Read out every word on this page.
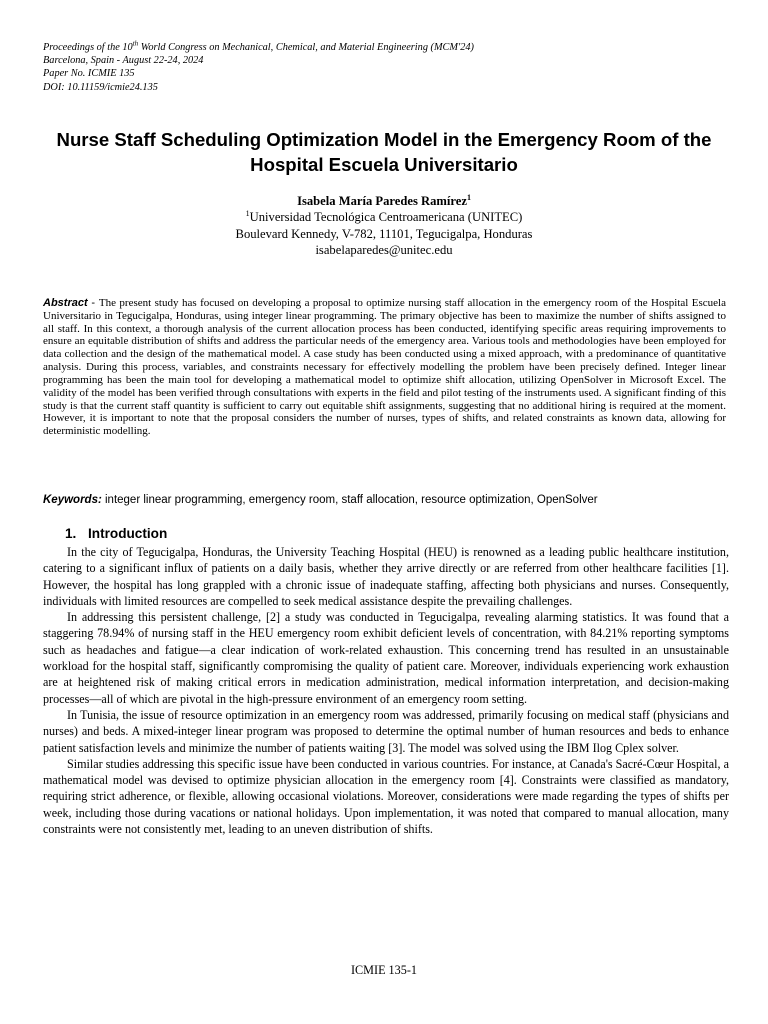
Proceedings of the 10th World Congress on Mechanical, Chemical, and Material Engineering (MCM'24)
Barcelona, Spain - August 22-24, 2024
Paper No. ICMIE 135
DOI: 10.11159/icmie24.135
Nurse Staff Scheduling Optimization Model in the Emergency Room of the Hospital Escuela Universitario
Isabela María Paredes Ramírez$^1$
$^1$Universidad Tecnológica Centroamericana (UNITEC)
Boulevard Kennedy, V-782, 11101, Tegucigalpa, Honduras
isabelaparedes@unitec.edu
Abstract - The present study has focused on developing a proposal to optimize nursing staff allocation in the emergency room of the Hospital Escuela Universitario in Tegucigalpa, Honduras, using integer linear programming. The primary objective has been to maximize the number of shifts assigned to all staff. In this context, a thorough analysis of the current allocation process has been conducted, identifying specific areas requiring improvements to ensure an equitable distribution of shifts and address the particular needs of the emergency area. Various tools and methodologies have been employed for data collection and the design of the mathematical model. A case study has been conducted using a mixed approach, with a predominance of quantitative analysis. During this process, variables, and constraints necessary for effectively modelling the problem have been precisely defined. Integer linear programming has been the main tool for developing a mathematical model to optimize shift allocation, utilizing OpenSolver in Microsoft Excel. The validity of the model has been verified through consultations with experts in the field and pilot testing of the instruments used. A significant finding of this study is that the current staff quantity is sufficient to carry out equitable shift assignments, suggesting that no additional hiring is required at the moment. However, it is important to note that the proposal considers the number of nurses, types of shifts, and related constraints as known data, allowing for deterministic modelling.
Keywords: integer linear programming, emergency room, staff allocation, resource optimization, OpenSolver
1. Introduction

In the city of Tegucigalpa, Honduras, the University Teaching Hospital (HEU) is renowned as a leading public healthcare institution, catering to a significant influx of patients on a daily basis, whether they arrive directly or are referred from other healthcare facilities [1]. However, the hospital has long grappled with a chronic issue of inadequate staffing, affecting both physicians and nurses. Consequently, individuals with limited resources are compelled to seek medical assistance despite the prevailing challenges.

In addressing this persistent challenge, [2] a study was conducted in Tegucigalpa, revealing alarming statistics. It was found that a staggering 78.94% of nursing staff in the HEU emergency room exhibit deficient levels of concentration, with 84.21% reporting symptoms such as headaches and fatigue—a clear indication of work-related exhaustion. This concerning trend has resulted in an unsustainable workload for the hospital staff, significantly compromising the quality of patient care. Moreover, individuals experiencing work exhaustion are at heightened risk of making critical errors in medication administration, medical information interpretation, and decision-making processes—all of which are pivotal in the high-pressure environment of an emergency room setting.

In Tunisia, the issue of resource optimization in an emergency room was addressed, primarily focusing on medical staff (physicians and nurses) and beds. A mixed-integer linear program was proposed to determine the optimal number of human resources and beds to enhance patient satisfaction levels and minimize the number of patients waiting [3]. The model was solved using the IBM Ilog Cplex solver.

Similar studies addressing this specific issue have been conducted in various countries. For instance, at Canada's Sacré-Cœur Hospital, a mathematical model was devised to optimize physician allocation in the emergency room [4]. Constraints were classified as mandatory, requiring strict adherence, or flexible, allowing occasional violations. Moreover, considerations were made regarding the types of shifts per week, including those during vacations or national holidays. Upon implementation, it was noted that compared to manual allocation, many constraints were not consistently met, leading to an uneven distribution of shifts.

ICMIE 135-1
